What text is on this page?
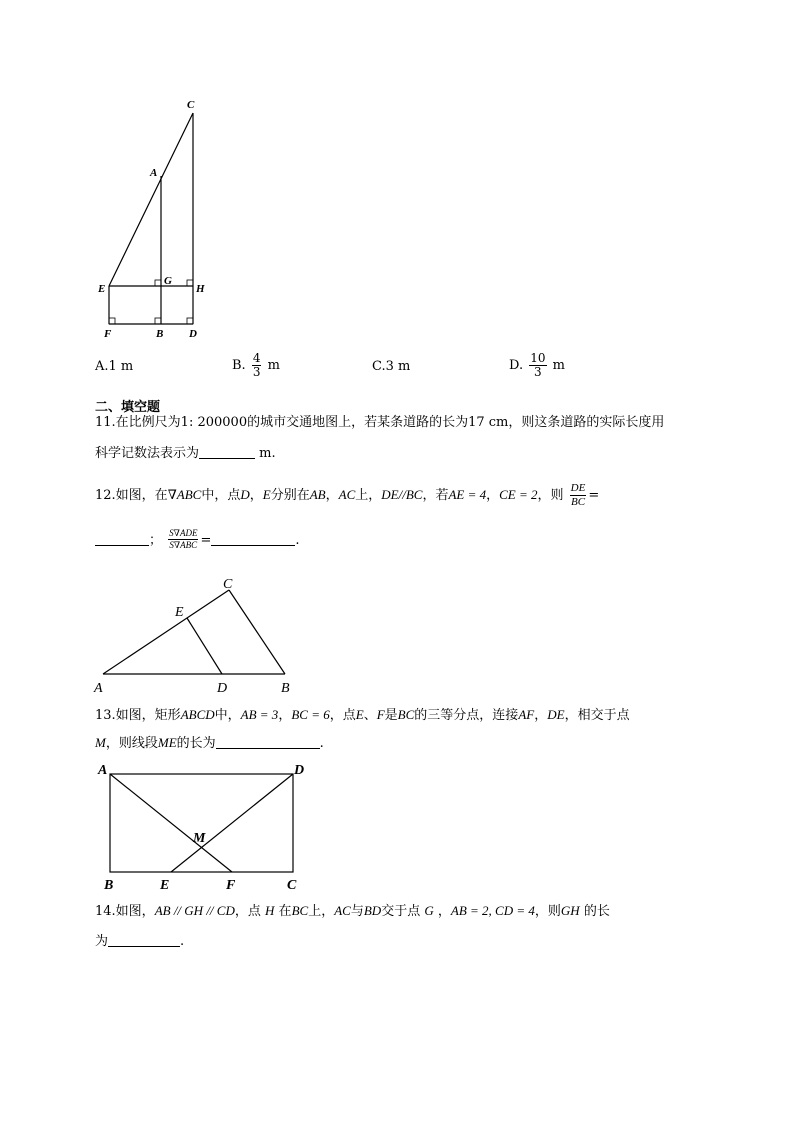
C
A
E
G
H
F	B D
A.1 m	B. $\frac{4}{3}$ m	C.3 m	D. $\frac{10}{3}$ m
二、填空题
11.在比例尺为1: 200000的城市交通地图上，若某条道路的长为17 cm，则这条道路的实际长度用
科学记数法表示为	m.
12.如图，在∇ABC中，点D，E分别在AB，AC上，DE//BC，若AE = 4，CE = 2，则 $\frac{DE}{BC}$ =
； $\frac{\text{S∇ADE}}{\text{S∇ABC}}$ =	.
C
E
A	D	B
13.如图，矩形ABCD中，AB = 3，BC = 6，点E、F是BC的三等分点，连接AF，DE，相交于点
M，则线段ME的长为	.
A	D
M
B	E	F	C
14.如图，AB // GH // CD，点 H 在BC上，AC与BD交于点 G ，AB = 2, CD = 4，则GH 的长
为	.
